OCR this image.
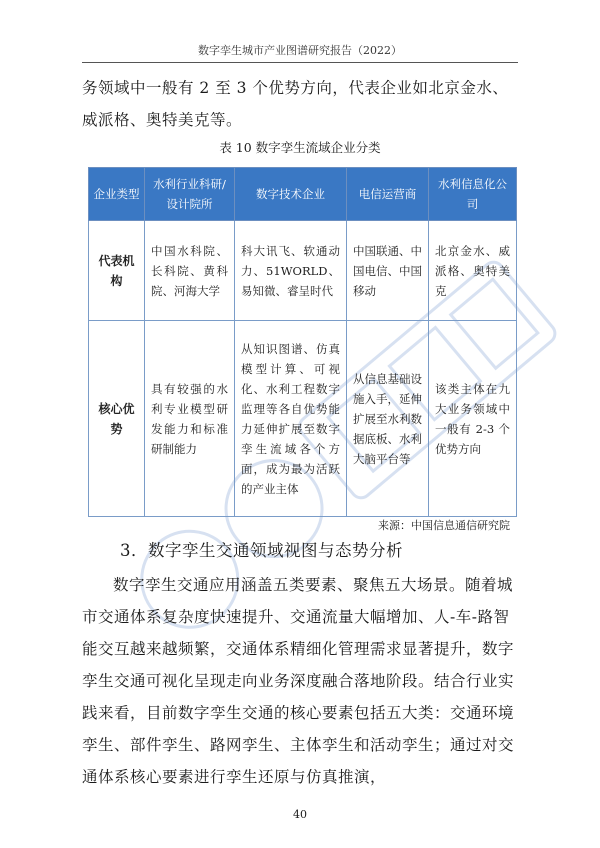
数字孪生城市产业图谱研究报告（2022）
务领域中一般有 2 至 3 个优势方向，代表企业如北京金水、威派格、奥特美克等。
表 10 数字孪生流域企业分类
企业类型	水利行业科研/设计院所	数字技术企业	电信运营商	水利信息化公司
代表机构	中国水科院、长科院、黄科院、河海大学	科大讯飞、软通动力、51WORLD、易知微、睿呈时代	中国联通、中国电信、中国移动	北京金水、威派格、奥特美克
核心优势	具有较强的水利专业模型研发能力和标准研制能力	从知识图谱、仿真模型计算、可视化、水利工程数字监理等各自优势能力延伸扩展至数字孪生流域各个方面，成为最为活跃的产业主体	从信息基础设施入手，延伸扩展至水利数据底板、水利大脑平台等	该类主体在九大业务领域中一般有 2-3 个优势方向
来源：中国信息通信研究院
3．数字孪生交通领域视图与态势分析
数字孪生交通应用涵盖五类要素、聚焦五大场景。随着城市交通体系复杂度快速提升、交通流量大幅增加、人-车-路智能交互越来越频繁，交通体系精细化管理需求显著提升，数字孪生交通可视化呈现走向业务深度融合落地阶段。结合行业实践来看，目前数字孪生交通的核心要素包括五大类：交通环境孪生、部件孪生、路网孪生、主体孪生和活动孪生；通过对交通体系核心要素进行孪生还原与仿真推演，
40
